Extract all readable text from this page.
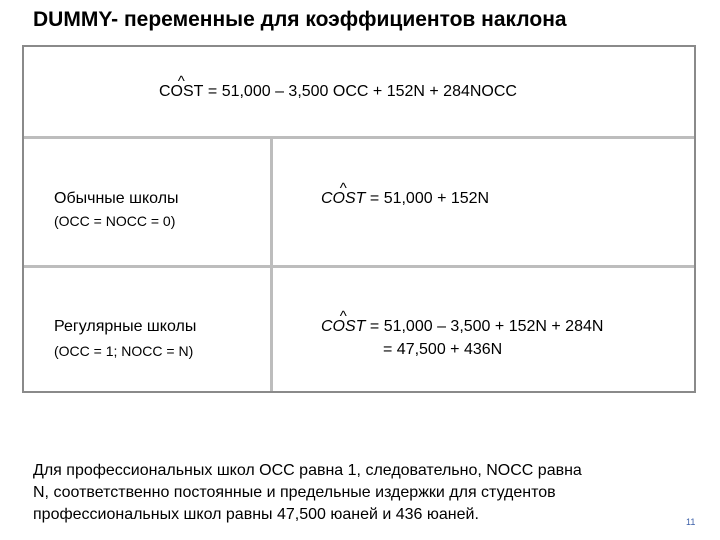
DUMMY- переменные для коэффициентов наклона
^ COST = 51,000 – 3,500 OCC + 152N + 284NOCC
Обычные школы
(OCC = NOCC = 0)
^ COST = 51,000 + 152N
Регулярные школы
(OCC = 1; NOCC = N)
^ COST = 51,000 – 3,500 + 152N + 284N
= 47,500 + 436N
Для профессиональных школ OCC равна 1, следовательно, NOCC равна
N, соответственно постоянные и предельные издержки для студентов
профессиональных школ равны 47,500 юаней и 436 юаней.	11
